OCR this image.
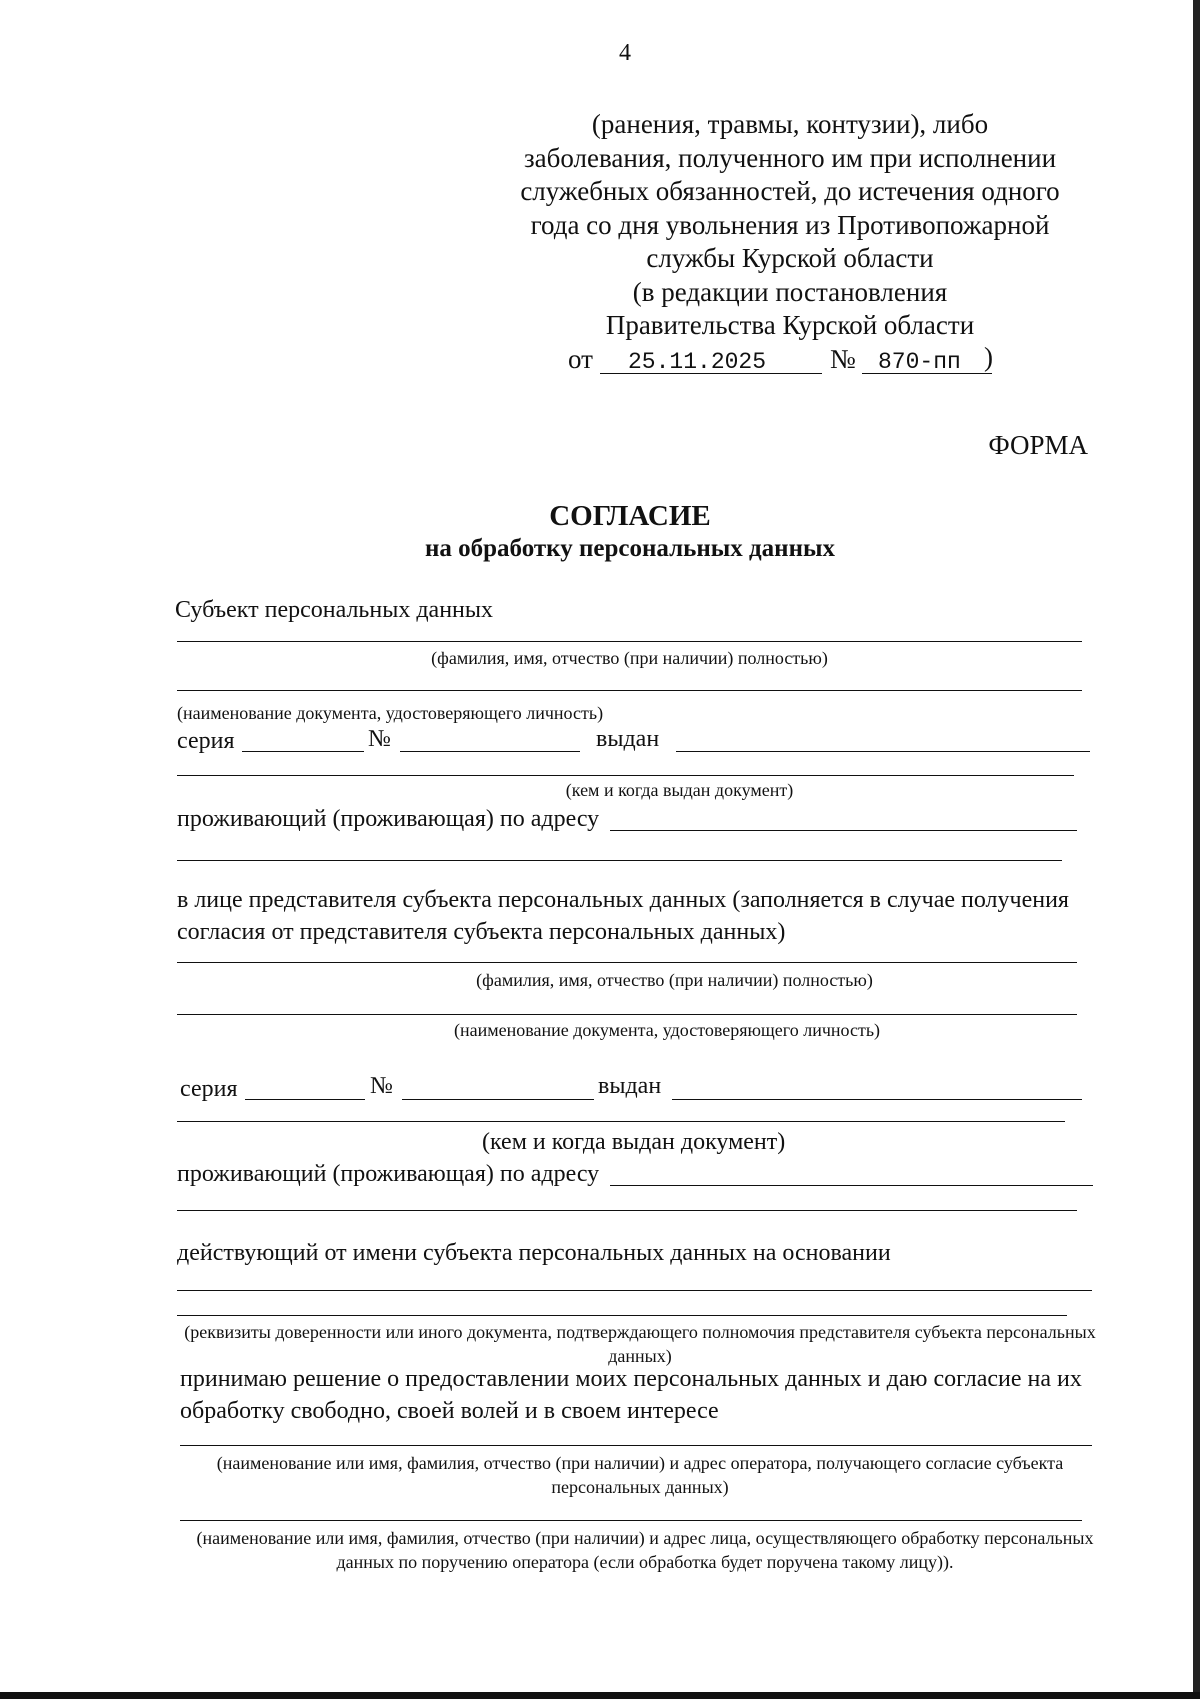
4
(ранения, травмы, контузии), либо
заболевания, полученного им при исполнении
служебных обязанностей, до истечения одного
года со дня увольнения из Противопожарной
службы Курской области
(в редакции постановления
Правительства Курской области
от 25.11.2025 № 870-пп )
ФОРМА
СОГЛАСИЕ
на обработку персональных данных
Субъект персональных данных
(фамилия, имя, отчество (при наличии) полностью)
(наименование документа, удостоверяющего личность)
серия	№	выдан
(кем и когда выдан документ)
проживающий (проживающая) по адресу
в лице представителя субъекта персональных данных (заполняется в случае получения согласия от представителя субъекта персональных данных)
(фамилия, имя, отчество (при наличии) полностью)
(наименование документа, удостоверяющего личность)
серия	№	выдан
(кем и когда выдан документ)
проживающий (проживающая) по адресу
действующий от имени субъекта персональных данных на основании
(реквизиты доверенности или иного документа, подтверждающего полномочия представителя субъекта персональных данных)
принимаю решение о предоставлении моих персональных данных и даю согласие на их обработку свободно, своей волей и в своем интересе
(наименование или имя, фамилия, отчество (при наличии) и адрес оператора, получающего согласие субъекта персональных данных)
(наименование или имя, фамилия, отчество (при наличии) и адрес лица, осуществляющего обработку персональных данных по поручению оператора (если обработка будет поручена такому лицу)).
